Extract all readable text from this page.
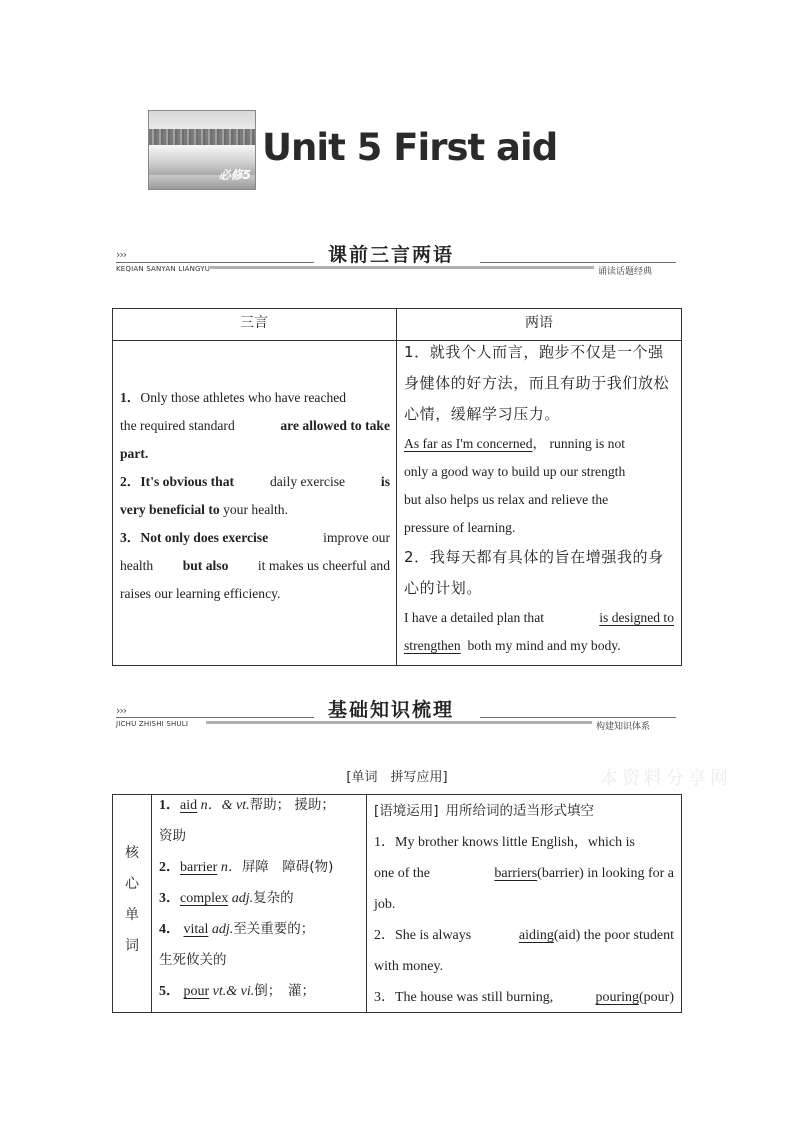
必修5
Unit 5 First aid
›››	课前三言两语
KEQIAN SANYAN LIANGYU	诵读话题经典
三言	两语
1．Only those athletes who have reached
the required standard	are allowed to take
part.
2．It's obvious that	daily exercise	is
very beneficial to your health.
3．Not only does exercise	improve our
health but also it makes us cheerful and
raises our learning efficiency.
1．就我个人而言，跑步不仅是一个强
身健体的好方法，而且有助于我们放松
心情，缓解学习压力。
As far as I'm concerned， running is not
only a good way to build up our strength
but also helps us relax and relieve the
pressure of learning.
2．我每天都有具体的旨在增强我的身
心的计划。
I have a detailed plan that	is designed to
strengthen both my mind and my body.
›››	基础知识梳理
JICHU ZHISHI SHULI	构建知识体系
[单词　拼写应用]	本资料分享网
核
心
单
词
1．aid n．& vt.帮助； 援助；
资助
2．barrier n．屏障　障碍(物)
3．complex adj.复杂的
4． vital adj.至关重要的；
生死攸关的
5． pour vt.& vi.倒；　灌；
[语境运用] 用所给词的适当形式填空
1．My brother knows little English，which is
one of the	barriers(barrier) in looking for a
job.
2．She is always	aiding(aid) the poor student
with money.
3．The house was still burning,	pouring(pour)
